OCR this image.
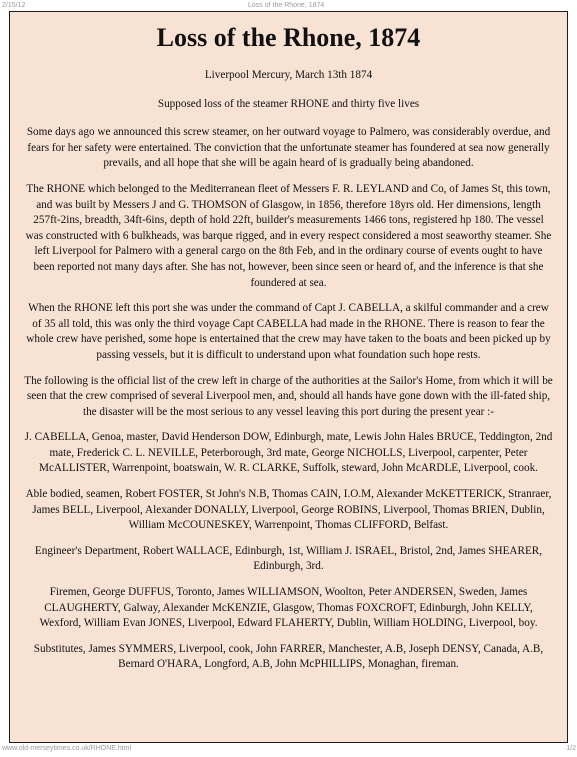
2/15/12	Loss of the Rhone, 1874
Loss of the Rhone, 1874

Liverpool Mercury, March 13th 1874

Supposed loss of the steamer RHONE and thirty five lives

Some days ago we announced this screw steamer, on her outward voyage to Palmero, was considerably overdue, and fears for her safety were entertained. The conviction that the unfortunate steamer has foundered at sea now generally prevails, and all hope that she will be again heard of is gradually being abandoned.

The RHONE which belonged to the Mediterranean fleet of Messers F. R. LEYLAND and Co, of James St, this town, and was built by Messers J and G. THOMSON of Glasgow, in 1856, therefore 18yrs old. Her dimensions, length 257ft-2ins, breadth, 34ft-6ins, depth of hold 22ft, builder's measurements 1466 tons, registered hp 180. The vessel was constructed with 6 bulkheads, was barque rigged, and in every respect considered a most seaworthy steamer. She left Liverpool for Palmero with a general cargo on the 8th Feb, and in the ordinary course of events ought to have been reported not many days after. She has not, however, been since seen or heard of, and the inference is that she foundered at sea.

When the RHONE left this port she was under the command of Capt J. CABELLA, a skilful commander and a crew of 35 all told, this was only the third voyage Capt CABELLA had made in the RHONE. There is reason to fear the whole crew have perished, some hope is entertained that the crew may have taken to the boats and been picked up by passing vessels, but it is difficult to understand upon what foundation such hope rests.

The following is the official list of the crew left in charge of the authorities at the Sailor's Home, from which it will be seen that the crew comprised of several Liverpool men, and, should all hands have gone down with the ill-fated ship, the disaster will be the most serious to any vessel leaving this port during the present year :-

J. CABELLA, Genoa, master, David Henderson DOW, Edinburgh, mate, Lewis John Hales BRUCE, Teddington, 2nd mate, Frederick C. L. NEVILLE, Peterborough, 3rd mate, George NICHOLLS, Liverpool, carpenter, Peter McALLISTER, Warrenpoint, boatswain, W. R. CLARKE, Suffolk, steward, John McARDLE, Liverpool, cook.

Able bodied, seamen, Robert FOSTER, St John's N.B, Thomas CAIN, I.O.M, Alexander McKETTERICK, Stranraer, James BELL, Liverpool, Alexander DONALLY, Liverpool, George ROBINS, Liverpool, Thomas BRIEN, Dublin, William McCOUNESKEY, Warrenpoint, Thomas CLIFFORD, Belfast.

Engineer's Department, Robert WALLACE, Edinburgh, 1st, William J. ISRAEL, Bristol, 2nd, James SHEARER, Edinburgh, 3rd.

Firemen, George DUFFUS, Toronto, James WILLIAMSON, Woolton, Peter ANDERSEN, Sweden, James CLAUGHERTY, Galway, Alexander McKENZIE, Glasgow, Thomas FOXCROFT, Edinburgh, John KELLY, Wexford, William Evan JONES, Liverpool, Edward FLAHERTY, Dublin, William HOLDING, Liverpool, boy.

Substitutes, James SYMMERS, Liverpool, cook, John FARRER, Manchester, A.B, Joseph DENSY, Canada, A.B, Bernard O'HARA, Longford, A.B, John McPHILLIPS, Monaghan, fireman.

www.old-merseytimes.co.uk/RHONE.html	1/2
